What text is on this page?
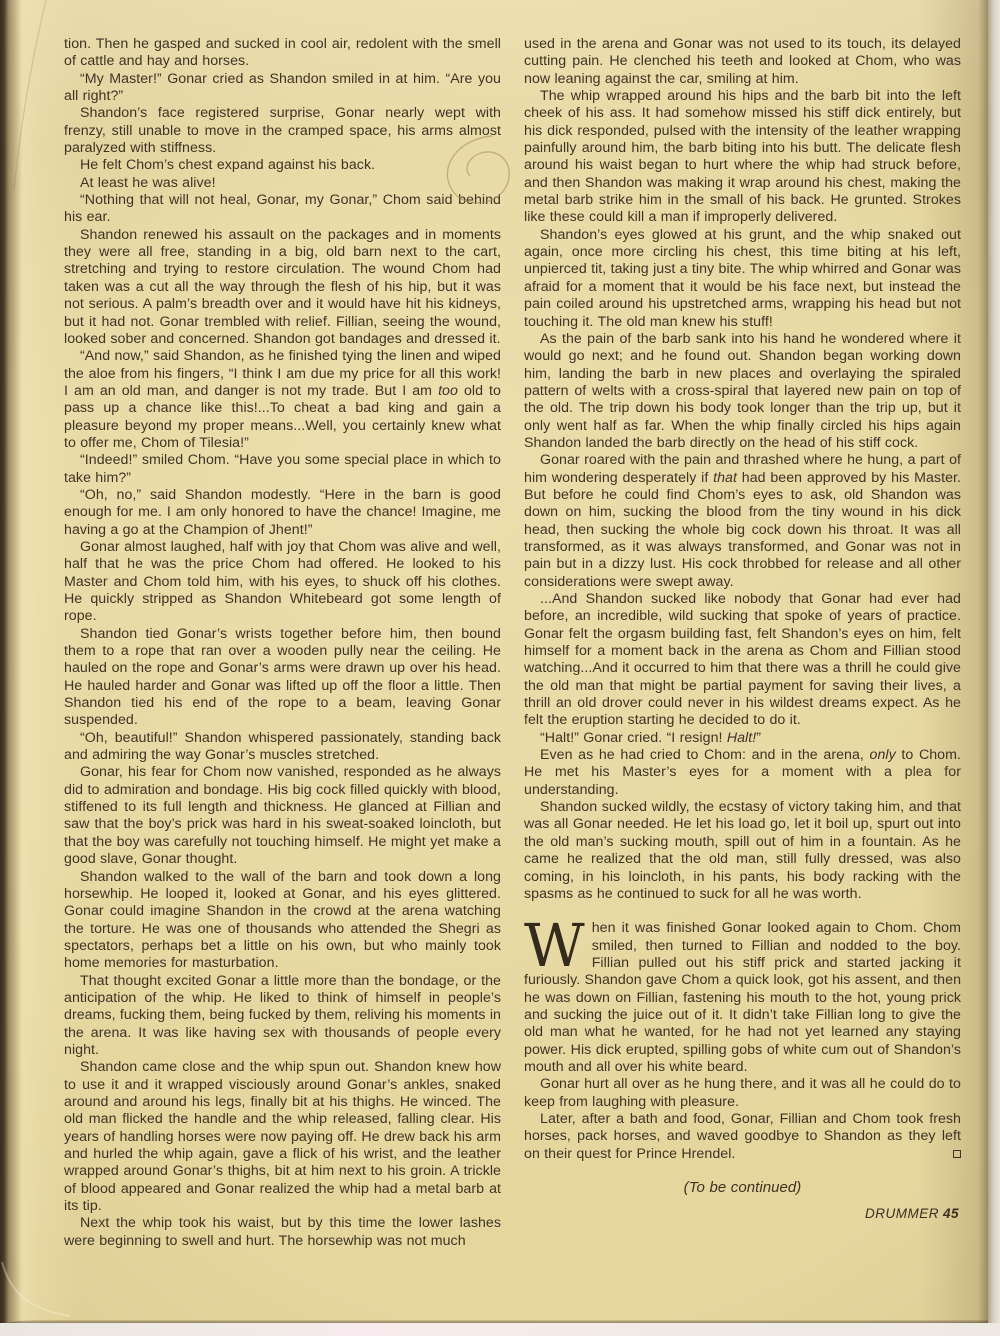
tion. Then he gasped and sucked in cool air, redolent with the smell of cattle and hay and horses.

“My Master!” Gonar cried as Shandon smiled in at him. “Are you all right?”

Shandon’s face registered surprise, Gonar nearly wept with frenzy, still unable to move in the cramped space, his arms almost paralyzed with stiffness.

He felt Chom’s chest expand against his back.

At least he was alive!

“Nothing that will not heal, Gonar, my Gonar,” Chom said behind his ear.

Shandon renewed his assault on the packages and in moments they were all free, standing in a big, old barn next to the cart, stretching and trying to restore circulation. The wound Chom had taken was a cut all the way through the flesh of his hip, but it was not serious. A palm’s breadth over and it would have hit his kidneys, but it had not. Gonar trembled with relief. Fillian, seeing the wound, looked sober and concerned. Shandon got bandages and dressed it.

“And now,” said Shandon, as he finished tying the linen and wiped the aloe from his fingers, “I think I am due my price for all this work! I am an old man, and danger is not my trade. But I am too old to pass up a chance like this!...To cheat a bad king and gain a pleasure beyond my proper means...Well, you certainly knew what to offer me, Chom of Tilesia!”

“Indeed!” smiled Chom. “Have you some special place in which to take him?”

“Oh, no,” said Shandon modestly. “Here in the barn is good enough for me. I am only honored to have the chance! Imagine, me having a go at the Champion of Jhent!”

Gonar almost laughed, half with joy that Chom was alive and well, half that he was the price Chom had offered. He looked to his Master and Chom told him, with his eyes, to shuck off his clothes. He quickly stripped as Shandon Whitebeard got some length of rope.

Shandon tied Gonar’s wrists together before him, then bound them to a rope that ran over a wooden pully near the ceiling. He hauled on the rope and Gonar’s arms were drawn up over his head. He hauled harder and Gonar was lifted up off the floor a little. Then Shandon tied his end of the rope to a beam, leaving Gonar suspended.

“Oh, beautiful!” Shandon whispered passionately, standing back and admiring the way Gonar’s muscles stretched.

Gonar, his fear for Chom now vanished, responded as he always did to admiration and bondage. His big cock filled quickly with blood, stiffened to its full length and thickness. He glanced at Fillian and saw that the boy’s prick was hard in his sweat-soaked loincloth, but that the boy was carefully not touching himself. He might yet make a good slave, Gonar thought.

Shandon walked to the wall of the barn and took down a long horsewhip. He looped it, looked at Gonar, and his eyes glittered. Gonar could imagine Shandon in the crowd at the arena watching the torture. He was one of thousands who attended the Shegri as spectators, perhaps bet a little on his own, but who mainly took home memories for masturbation.

That thought excited Gonar a little more than the bondage, or the anticipation of the whip. He liked to think of himself in people’s dreams, fucking them, being fucked by them, reliving his moments in the arena. It was like having sex with thousands of people every night.

Shandon came close and the whip spun out. Shandon knew how to use it and it wrapped visciously around Gonar’s ankles, snaked around and around his legs, finally bit at his thighs. He winced. The old man flicked the handle and the whip released, falling clear. His years of handling horses were now paying off. He drew back his arm and hurled the whip again, gave a flick of his wrist, and the leather wrapped around Gonar’s thighs, bit at him next to his groin. A trickle of blood appeared and Gonar realized the whip had a metal barb at its tip.

Next the whip took his waist, but by this time the lower lashes were beginning to swell and hurt. The horsewhip was not much

used in the arena and Gonar was not used to its touch, its delayed cutting pain. He clenched his teeth and looked at Chom, who was now leaning against the car, smiling at him.

The whip wrapped around his hips and the barb bit into the left cheek of his ass. It had somehow missed his stiff dick entirely, but his dick responded, pulsed with the intensity of the leather wrapping painfully around him, the barb biting into his butt. The delicate flesh around his waist began to hurt where the whip had struck before, and then Shandon was making it wrap around his chest, making the metal barb strike him in the small of his back. He grunted. Strokes like these could kill a man if improperly delivered.

Shandon’s eyes glowed at his grunt, and the whip snaked out again, once more circling his chest, this time biting at his left, unpierced tit, taking just a tiny bite. The whip whirred and Gonar was afraid for a moment that it would be his face next, but instead the pain coiled around his upstretched arms, wrapping his head but not touching it. The old man knew his stuff!

As the pain of the barb sank into his hand he wondered where it would go next; and he found out. Shandon began working down him, landing the barb in new places and overlaying the spiraled pattern of welts with a cross-spiral that layered new pain on top of the old. The trip down his body took longer than the trip up, but it only went half as far. When the whip finally circled his hips again Shandon landed the barb directly on the head of his stiff cock.

Gonar roared with the pain and thrashed where he hung, a part of him wondering desperately if that had been approved by his Master. But before he could find Chom’s eyes to ask, old Shandon was down on him, sucking the blood from the tiny wound in his dick head, then sucking the whole big cock down his throat. It was all transformed, as it was always transformed, and Gonar was not in pain but in a dizzy lust. His cock throbbed for release and all other considerations were swept away.

...And Shandon sucked like nobody that Gonar had ever had before, an incredible, wild sucking that spoke of years of practice. Gonar felt the orgasm building fast, felt Shandon’s eyes on him, felt himself for a moment back in the arena as Chom and Fillian stood watching...And it occurred to him that there was a thrill he could give the old man that might be partial payment for saving their lives, a thrill an old drover could never in his wildest dreams expect. As he felt the eruption starting he decided to do it.

“Halt!” Gonar cried. “I resign! Halt!”

Even as he had cried to Chom: and in the arena, only to Chom. He met his Master’s eyes for a moment with a plea for understanding.

Shandon sucked wildly, the ecstasy of victory taking him, and that was all Gonar needed. He let his load go, let it boil up, spurt out into the old man’s sucking mouth, spill out of him in a fountain. As he came he realized that the old man, still fully dressed, was also coming, in his loincloth, in his pants, his body racking with the spasms as he continued to suck for all he was worth.

When it was finished Gonar looked again to Chom. Chom smiled, then turned to Fillian and nodded to the boy. Fillian pulled out his stiff prick and started jacking it furiously. Shandon gave Chom a quick look, got his assent, and then he was down on Fillian, fastening his mouth to the hot, young prick and sucking the juice out of it. It didn’t take Fillian long to give the old man what he wanted, for he had not yet learned any staying power. His dick erupted, spilling gobs of white cum out of Shandon’s mouth and all over his white beard.

Gonar hurt all over as he hung there, and it was all he could do to keep from laughing with pleasure.

Later, after a bath and food, Gonar, Fillian and Chom took fresh horses, pack horses, and waved goodbye to Shandon as they left on their quest for Prince Hrendel.

(To be continued)
DRUMMER 45
